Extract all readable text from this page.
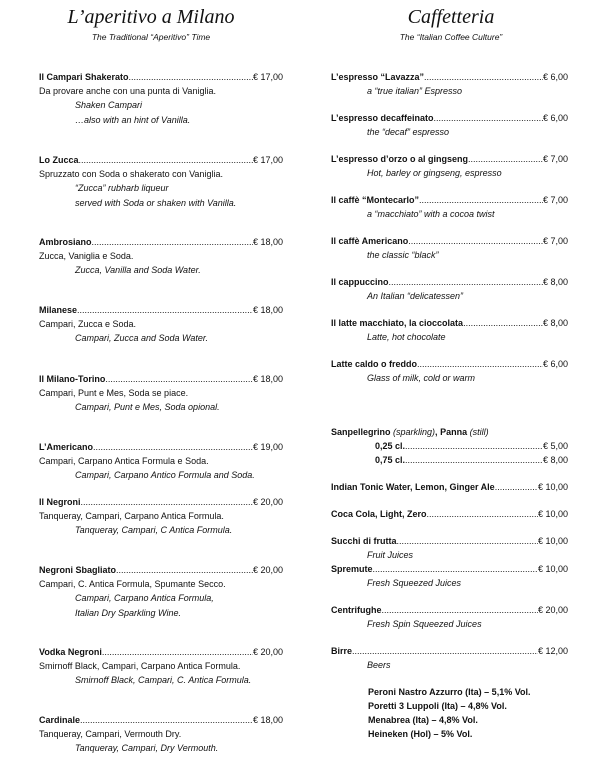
L’aperitivo a Milano
The Traditional “Aperitivo” Time
Il Campari Shakerato .....	€ 17,00
Da provare anche con una punta di Vaniglia.
Shaken Campari
…also with an hint of Vanilla.
Lo Zucca .....	€ 17,00
Spruzzato con Soda o shakerato con Vaniglia.
“Zucca” rubharb liqueur
served with Soda or shaken with Vanilla.
Ambrosiano .....	€ 18,00
Zucca, Vaniglia e Soda.
Zucca, Vanilla and Soda Water.
Milanese .....	€ 18,00
Campari, Zucca e Soda.
Campari, Zucca and Soda Water.
Il Milano-Torino .....	€ 18,00
Campari, Punt e Mes, Soda se piace.
Campari, Punt e Mes, Soda opional.
L’Americano .....	€ 19,00
Campari, Carpano Antica Formula e Soda.
Campari, Carpano Antico Formula and Soda.
Il Negroni .....	€ 20,00
Tanqueray, Campari, Carpano Antica Formula.
Tanqueray, Campari, C Antica Formula.
Negroni Sbagliato .....	€ 20,00
Campari, C. Antica Formula, Spumante Secco.
Campari, Carpano Antica Formula,
Italian Dry Sparkling Wine.
Vodka Negroni .....	€ 20,00
Smirnoff Black, Campari, Carpano Antica Formula.
Smirnoff Black, Campari, C. Antica Formula.
Cardinale .....	€ 18,00
Tanqueray, Campari, Vermouth Dry.
Tanqueray, Campari, Dry Vermouth.
Caffetteria
The “Italian Coffee Culture”
L’espresso “Lavazza” .....	€ 6,00
a “true italian” Espresso
L’espresso decaffeinato .....	€ 6,00
the “decaf” espresso
L’espresso d’orzo o al gingseng .....	€ 7,00
Hot, barley or gingseng, espresso
Il caffè “Montecarlo” .....	€ 7,00
a “macchiato” with a cocoa twist
Il caffè Americano .....	€ 7,00
the classic “black”
Il cappuccino .....	€ 8,00
An Italian “delicatessen”
Il latte macchiato, la cioccolata .....	€ 8,00
Latte, hot chocolate
Latte caldo o freddo .....	€ 6,00
Glass of milk, cold or warm
Sanpellegrino (sparkling), Panna (still)
0,25 cl. .....	€ 5,00
0,75 cl. .....	€ 8,00
Indian Tonic Water, Lemon, Ginger Ale .....	€ 10,00
Coca Cola, Light, Zero .....	€ 10,00
Succhi di frutta .....	€ 10,00
Fruit Juices
Spremute .....	€ 10,00
Fresh Squeezed Juices
Centrifughe .....	€ 20,00
Fresh Spin Squeezed Juices
Birre .....	€ 12,00
Beers
Peroni Nastro Azzurro (Ita) – 5,1% Vol.
Poretti 3 Luppoli (Ita) – 4,8% Vol.
Menabrea (Ita) – 4,8% Vol.
Heineken (Hol) – 5% Vol.
